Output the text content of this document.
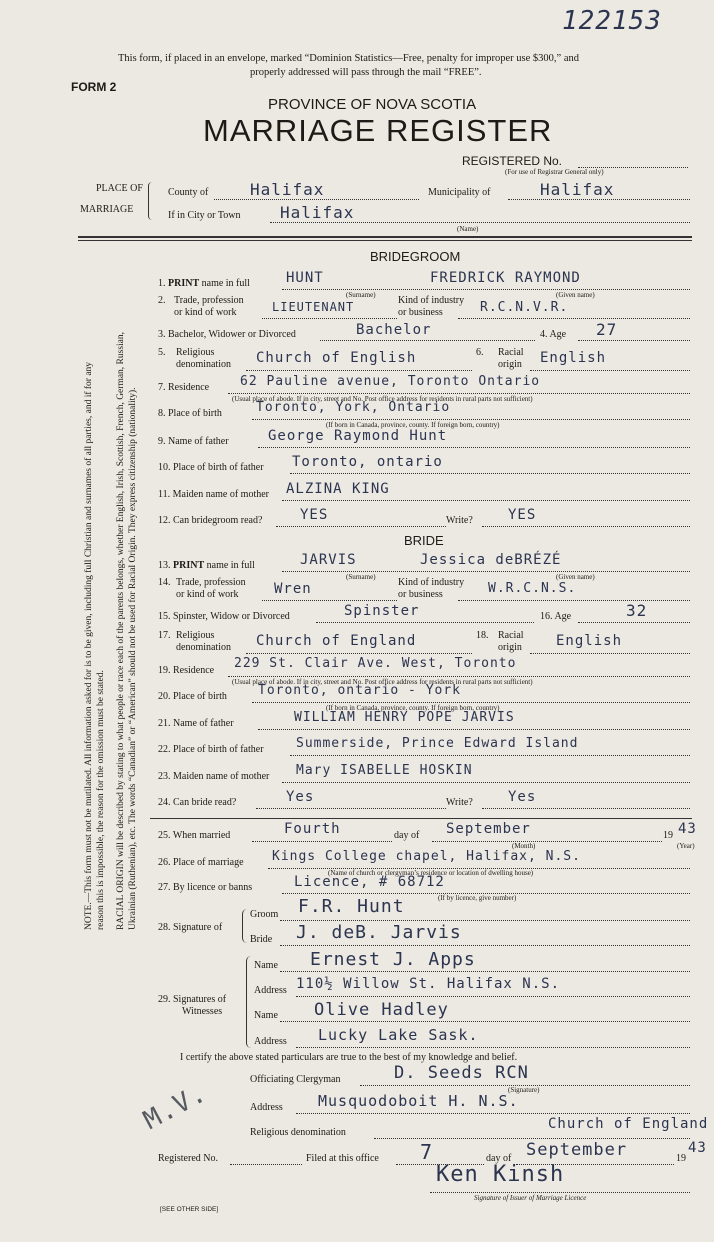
122153
This form, if placed in an envelope, marked “Dominion Statistics—Free, penalty for improper use $300,” and
properly addressed will pass through the mail “FREE”.
FORM 2
PROVINCE OF NOVA SCOTIA
MARRIAGE REGISTER
REGISTERED No.
(For use of Registrar General only)
PLACE OF
MARRIAGE
County of	Halifax	Municipality of	Halifax
If in City or Town Halifax
(Name)
NOTE.—This form must not be mutilated. All information asked for is to be given, including full Christian and surnames of all parties, and if for any reason this is impossible, the reason for the omission must be stated. RACIAL ORIGIN will be described by stating to what people or race each of the parents belongs, whether English, Irish, Scottish, French, German, Russian, Ukrainian (Ruthenian), etc. The words “Canadian” or “American” should not be used for Racial Origin. They express citizenship (nationality).
BRIDEGROOM
1. PRINT name in full	HUNT	FREDRICK RAYMOND
(Surname)	(Given name)
2. Trade, profession
or kind of work	LIEUTENANT	Kind of industry
or business	R.C.N.V.R.
3. Bachelor, Widower or Divorced	Bachelor	4. Age 27
5. Religious
denomination Church of English	6. Racial
origin English
7. Residence 62 Pauline avenue, Toronto Ontario
(Usual place of abode. If in city, street and No. Post office address for residents in rural parts not sufficient)
8. Place of birth	Toronto, York, Ontario
(If born in Canada, province, county. If foreign born, country)
9. Name of father	George Raymond Hunt
10. Place of birth of father Toronto, ontario
11. Maiden name of mother ALZINA KING
12. Can bridegroom read?	YES	Write?	YES
BRIDE
13. PRINT name in full	JARVIS	Jessica deBRÉZÉ
(Surname)	(Given name)
14. Trade, profession
or kind of work	Wren	Kind of industry
or business	W.R.C.N.S.
15. Spinster, Widow or Divorced	Spinster	16. Age	32
17. Religious
denomination Church of England	18. Racial
origin English
19. Residence 229 St. Clair Ave. West, Toronto
(Usual place of abode. If in city, street and No. Post office address for residents in rural parts not sufficient)
20. Place of birth Toronto, ontario - York
(If born in Canada, province, county. If foreign born, country)
21. Name of father	WILLIAM HENRY POPE JARVIS
22. Place of birth of father Summerside, Prince Edward Island
23. Maiden name of mother Mary ISABELLE HOSKIN
24. Can bride read?	Yes	Write?	Yes
25. When married	Fourth	day of September
(Month)
19 43
(Year)
26. Place of marriage Kings College chapel, Halifax, N.S.
(Name of church or clergyman’s residence or location of dwelling house)
27. By licence or banns	Licence, # 68712
(If by licence, give number)
28. Signature of
Groom F.R. Hunt
Bride J. deB. Jarvis
29. Signatures of
Witnesses
Name Ernest J. Apps
Address 110½ Willow St. Halifax N.S.
Name Olive Hadley
Address Lucky Lake Sask.
I certify the above stated particulars are true to the best of my knowledge and belief.
Officiating Clergyman	D. Seeds RCN
(Signature)
Address Musquodoboit H. N.S.
Religious denomination
Church of England
Registered No.	Filed at this office 7	day of September	19
43
Ken Kinsh
Signature of Issuer of Marriage Licence
M.V.
[SEE OTHER SIDE]
